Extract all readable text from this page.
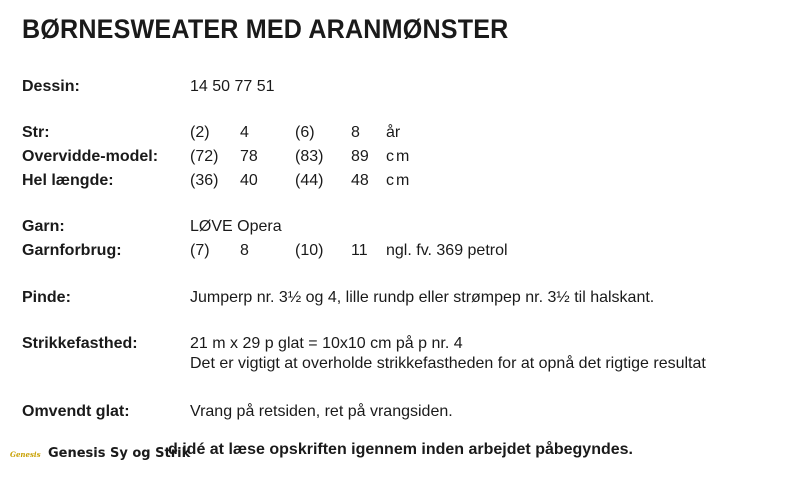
BØRNESWEATER MED ARANMØNSTER
Dessin:	14 50 77 51
Str:	(2) 4	(6) 8 år
Overvidde-model: (72) 78 (83) 89 cm
Hel længde:	(36) 40 (44) 48 cm
Garn:	LØVE Opera
Garnforbrug:	(7) 8	(10) 11 ngl. fv. 369 petrol
Pinde:	Jumperp nr. 3½ og 4, lille rundp eller strømpep nr. 3½ til halskant.
Strikkefasthed:	21 m x 29 p glat = 10x10 cm på p nr. 4
Det er vigtigt at overholde strikkefastheden for at opnå det rigtige resultat
Omvendt glat:	Vrang på retsiden, ret på vrangsiden.
Genesis Genesis Sy og Strik
d idé at læse opskriften igennem inden arbejdet påbegyndes.
